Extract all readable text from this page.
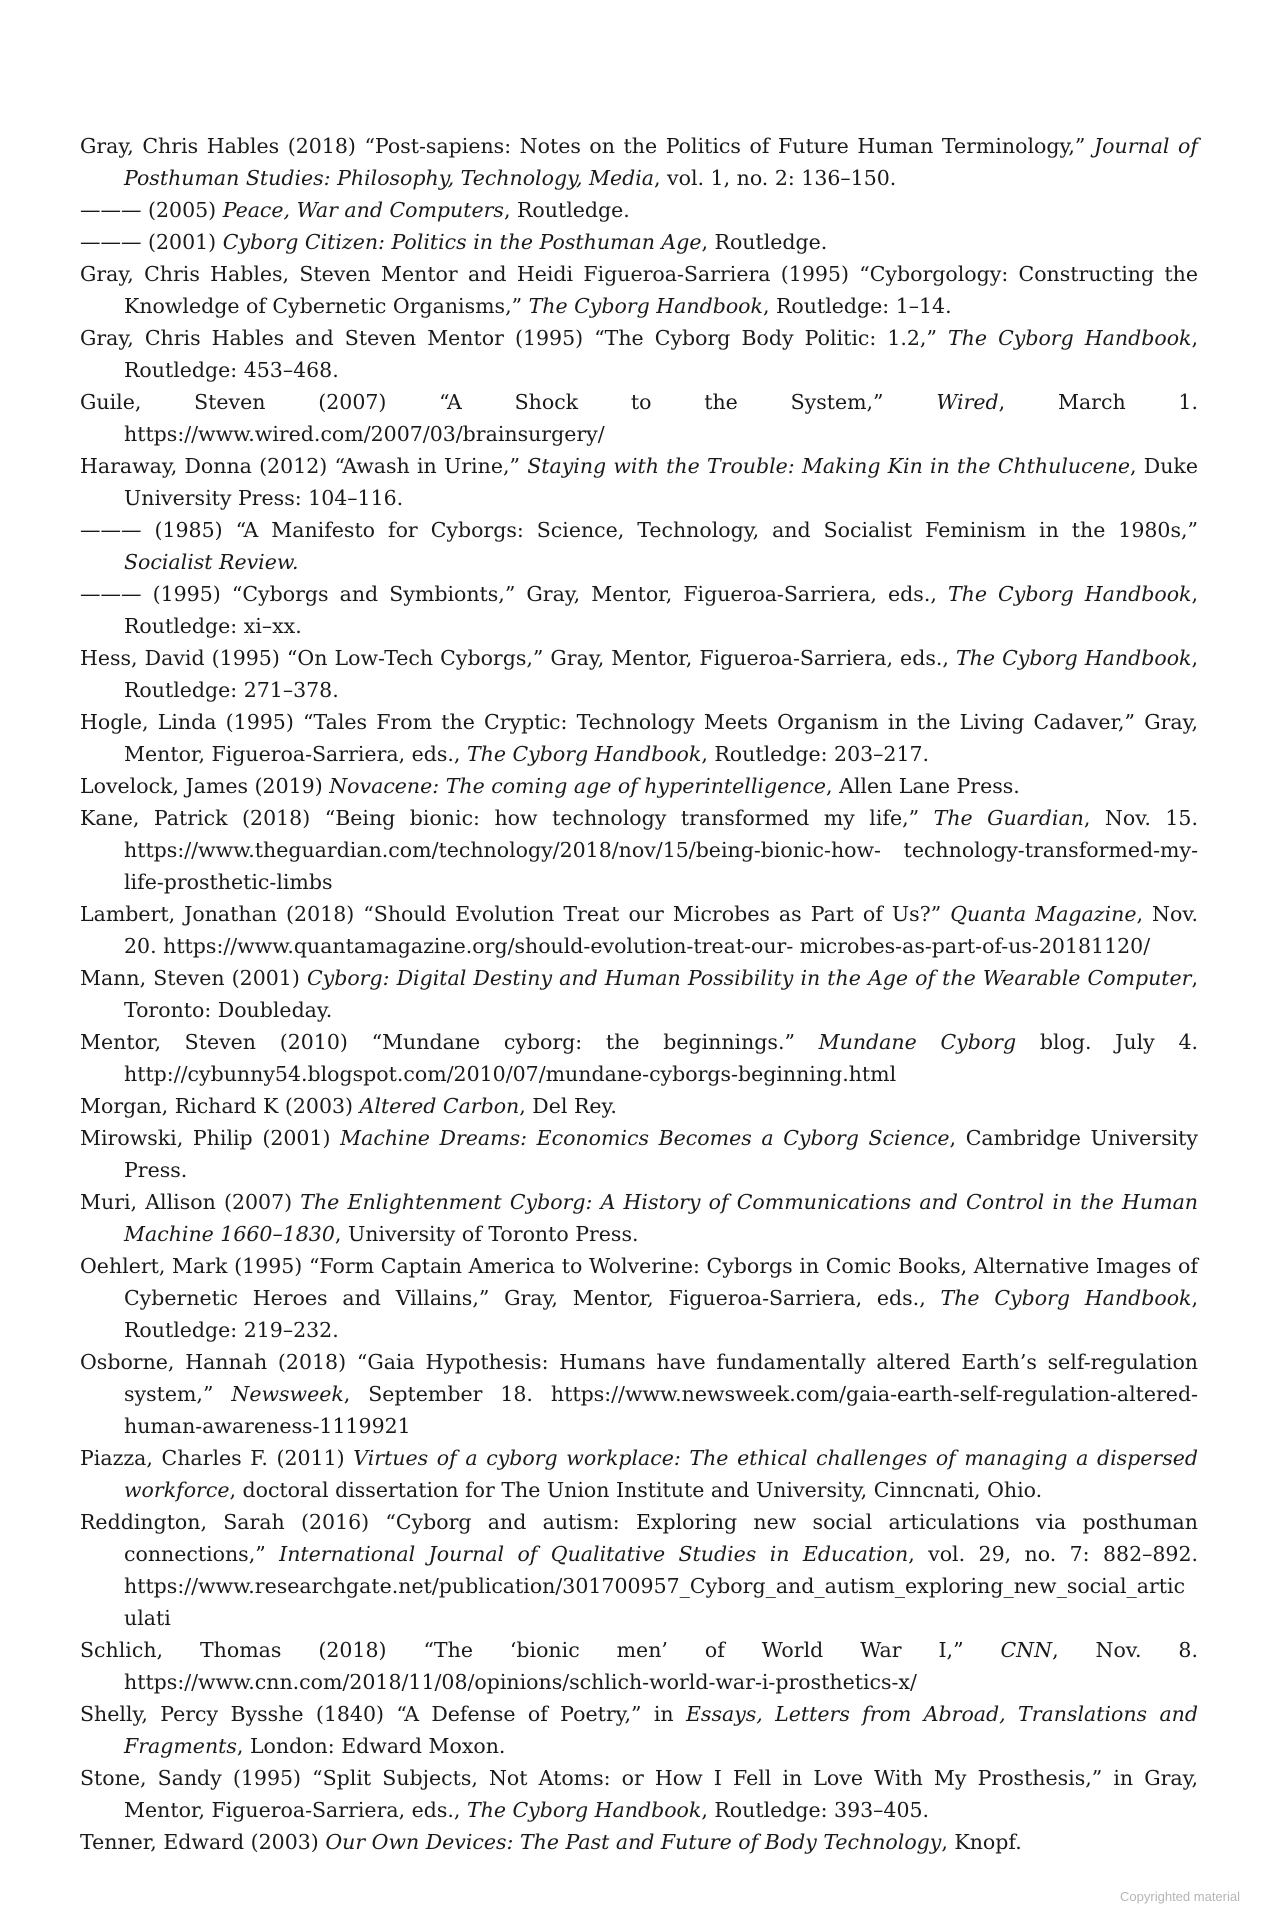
Gray, Chris Hables (2018) “Post-sapiens: Notes on the Politics of Future Human Terminology,” Journal of Posthuman Studies: Philosophy, Technology, Media, vol. 1, no. 2: 136–150.

——— (2005) Peace, War and Computers, Routledge.

——— (2001) Cyborg Citizen: Politics in the Posthuman Age, Routledge.

Gray, Chris Hables, Steven Mentor and Heidi Figueroa-Sarriera (1995) “Cyborgology: Constructing the Knowledge of Cybernetic Organisms,” The Cyborg Handbook, Routledge: 1–14.

Gray, Chris Hables and Steven Mentor (1995) “The Cyborg Body Politic: 1.2,” The Cyborg Handbook, Routledge: 453–468.

Guile, Steven (2007) “A Shock to the System,” Wired, March 1. https://www.wired.com/2007/03/brainsurgery/

Haraway, Donna (2012) “Awash in Urine,” Staying with the Trouble: Making Kin in the Chthulucene, Duke University Press: 104–116.

——— (1985) “A Manifesto for Cyborgs: Science, Technology, and Socialist Feminism in the 1980s,” Socialist Review.

——— (1995) “Cyborgs and Symbionts,” Gray, Mentor, Figueroa-Sarriera, eds., The Cyborg Handbook, Routledge: xi–xx.

Hess, David (1995) “On Low-Tech Cyborgs,” Gray, Mentor, Figueroa-Sarriera, eds., The Cyborg Handbook, Routledge: 271–378.

Hogle, Linda (1995) “Tales From the Cryptic: Technology Meets Organism in the Living Cadaver,” Gray, Mentor, Figueroa-Sarriera, eds., The Cyborg Handbook, Routledge: 203–217.

Lovelock, James (2019) Novacene: The coming age of hyperintelligence, Allen Lane Press.

Kane, Patrick (2018) “Being bionic: how technology transformed my life,” The Guardian, Nov. 15. https://www.theguardian.com/technology/2018/nov/15/being-bionic-how- technology-transformed-my-life-prosthetic-limbs

Lambert, Jonathan (2018) “Should Evolution Treat our Microbes as Part of Us?” Quanta Magazine, Nov. 20. https://www.quantamagazine.org/should-evolution-treat-our- microbes-as-part-of-us-20181120/

Mann, Steven (2001) Cyborg: Digital Destiny and Human Possibility in the Age of the Wearable Computer, Toronto: Doubleday.

Mentor, Steven (2010) “Mundane cyborg: the beginnings.” Mundane Cyborg blog. July 4. http://cybunny54.blogspot.com/2010/07/mundane-cyborgs-beginning.html

Morgan, Richard K (2003) Altered Carbon, Del Rey.

Mirowski, Philip (2001) Machine Dreams: Economics Becomes a Cyborg Science, Cambridge University Press.

Muri, Allison (2007) The Enlightenment Cyborg: A History of Communications and Control in the Human Machine 1660–1830, University of Toronto Press.

Oehlert, Mark (1995) “Form Captain America to Wolverine: Cyborgs in Comic Books, Alternative Images of Cybernetic Heroes and Villains,” Gray, Mentor, Figueroa-Sarriera, eds., The Cyborg Handbook, Routledge: 219–232.

Osborne, Hannah (2018) “Gaia Hypothesis: Humans have fundamentally altered Earth’s self-regulation system,” Newsweek, September 18. https://www.newsweek.com/gaia-earth-self-regulation-altered-human-awareness-1119921

Piazza, Charles F. (2011) Virtues of a cyborg workplace: The ethical challenges of managing a dispersed workforce, doctoral dissertation for The Union Institute and University, Cinncnati, Ohio.

Reddington, Sarah (2016) “Cyborg and autism: Exploring new social articulations via posthuman connections,” International Journal of Qualitative Studies in Education, vol. 29, no. 7: 882–892. https://www.researchgate.net/publication/301700957_Cyborg_and_autism_exploring_new_social_articulati

Schlich, Thomas (2018) “The ‘bionic men’ of World War I,” CNN, Nov. 8. https://www.cnn.com/2018/11/08/opinions/schlich-world-war-i-prosthetics-x/

Shelly, Percy Bysshe (1840) “A Defense of Poetry,” in Essays, Letters from Abroad, Translations and Fragments, London: Edward Moxon.

Stone, Sandy (1995) “Split Subjects, Not Atoms: or How I Fell in Love With My Prosthesis,” in Gray, Mentor, Figueroa-Sarriera, eds., The Cyborg Handbook, Routledge: 393–405.

Tenner, Edward (2003) Our Own Devices: The Past and Future of Body Technology, Knopf.

Copyrighted material
